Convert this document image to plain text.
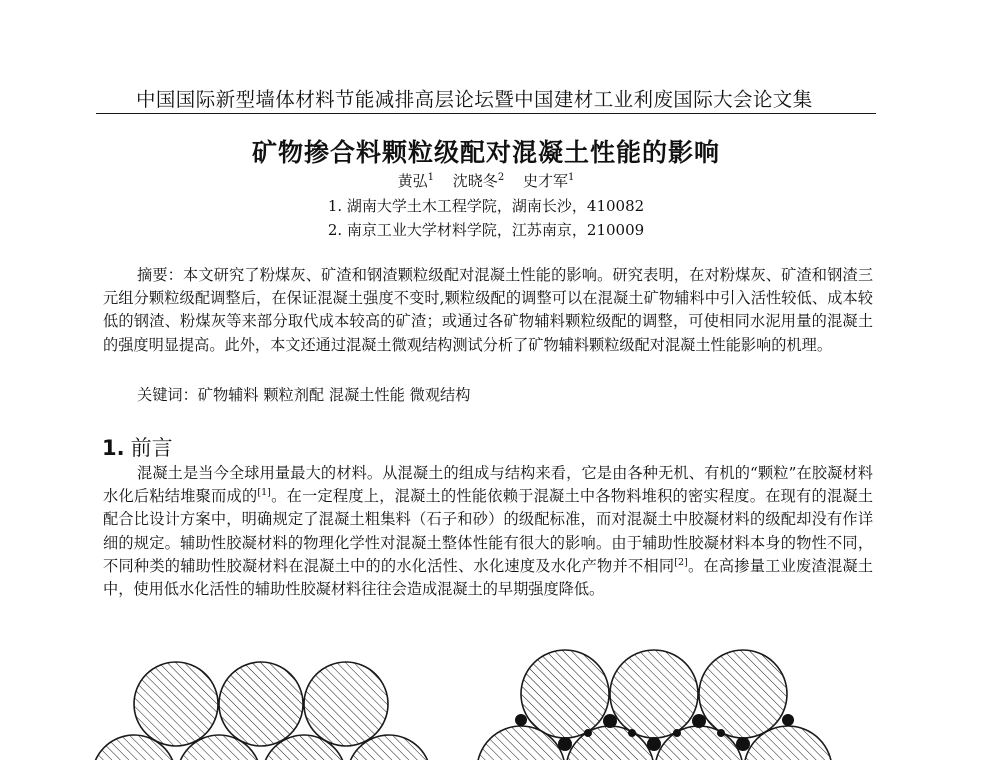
中国国际新型墙体材料节能减排高层论坛暨中国建材工业利废国际大会论文集
矿物掺合料颗粒级配对混凝土性能的影响
黄弘$^1$ 沈晓冬$^2$ 史才军$^1$
1. 湖南大学土木工程学院，湖南长沙，410082
2. 南京工业大学材料学院，江苏南京，210009

摘要：本文研究了粉煤灰、矿渣和钢渣颗粒级配对混凝土性能的影响。研究表明，在对粉煤灰、矿渣和钢渣三元组分颗粒级配调整后，在保证混凝土强度不变时,颗粒级配的调整可以在混凝土矿物辅料中引入活性较低、成本较低的钢渣、粉煤灰等来部分取代成本较高的矿渣；或通过各矿物辅料颗粒级配的调整，可使相同水泥用量的混凝土的强度明显提高。此外，本文还通过混凝土微观结构测试分析了矿物辅料颗粒级配对混凝土性能影响的机理。

关键词：矿物辅料 颗粒剂配 混凝土性能 微观结构
1. 前言

混凝土是当今全球用量最大的材料。从混凝土的组成与结构来看，它是由各种无机、有机的“颗粒”在胶凝材料水化后粘结堆聚而成的[1]。在一定程度上，混凝土的性能依赖于混凝土中各物料堆积的密实程度。在现有的混凝土配合比设计方案中，明确规定了混凝土粗集料（石子和砂）的级配标准，而对混凝土中胶凝材料的级配却没有作详细的规定。辅助性胶凝材料的物理化学性对混凝土整体性能有很大的影响。由于辅助性胶凝材料本身的物性不同，不同种类的辅助性胶凝材料在混凝土中的的水化活性、水化速度及水化产物并不相同[2]。在高掺量工业废渣混凝土中，使用低水化活性的辅助性胶凝材料往往会造成混凝土的早期强度降低。
